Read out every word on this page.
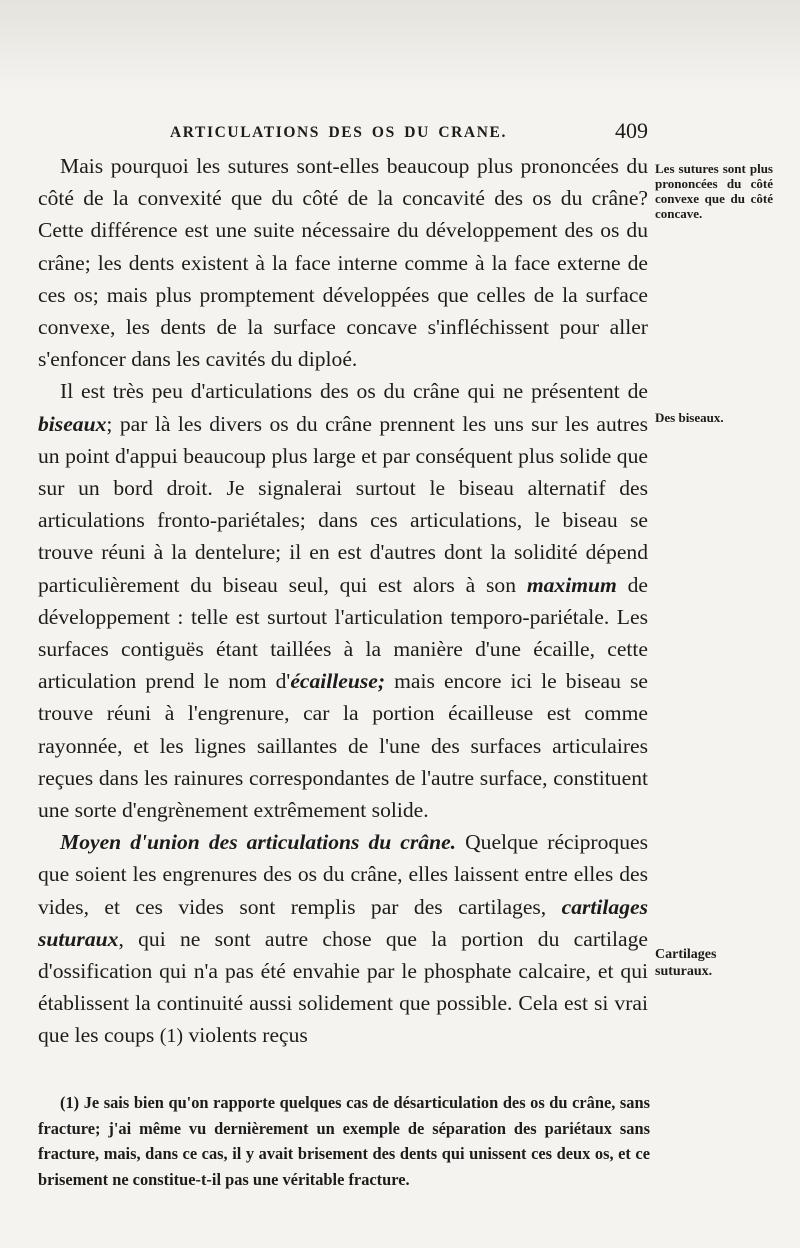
ARTICULATIONS DES OS DU CRANE.	409

Mais pourquoi les sutures sont-elles beaucoup plus prononcées du côté de la convexité que du côté de la concavité des os du crâne? Cette différence est une suite nécessaire du développement des os du crâne; les dents existent à la face interne comme à la face externe de ces os; mais plus promptement développées que celles de la surface convexe, les dents de la surface concave s'infléchissent pour aller s'enfoncer dans les cavités du diploé.

Il est très peu d'articulations des os du crâne qui ne présentent de biseaux; par là les divers os du crâne prennent les uns sur les autres un point d'appui beaucoup plus large et par conséquent plus solide que sur un bord droit. Je signalerai surtout le biseau alternatif des articulations fronto-pariétales; dans ces articulations, le biseau se trouve réuni à la dentelure; il en est d'autres dont la solidité dépend particulièrement du biseau seul, qui est alors à son maximum de développement : telle est surtout l'articulation temporo-pariétale. Les surfaces contiguës étant taillées à la manière d'une écaille, cette articulation prend le nom d'écailleuse; mais encore ici le biseau se trouve réuni à l'engrenure, car la portion écailleuse est comme rayonnée, et les lignes saillantes de l'une des surfaces articulaires reçues dans les rainures correspondantes de l'autre surface, constituent une sorte d'engrènement extrêmement solide.

Moyen d'union des articulations du crâne. Quelque réciproques que soient les engrenures des os du crâne, elles laissent entre elles des vides, et ces vides sont remplis par des cartilages, cartilages suturaux, qui ne sont autre chose que la portion du cartilage d'ossification qui n'a pas été envahie par le phosphate calcaire, et qui établissent la continuité aussi solidement que possible. Cela est si vrai que les coups (1) violents reçus

(1) Je sais bien qu'on rapporte quelques cas de désarticulation des os du crâne, sans fracture; j'ai même vu dernièrement un exemple de séparation des pariétaux sans fracture, mais, dans ce cas, il y avait brisement des dents qui unissent ces deux os, et ce brisement ne constitue-t-il pas une véritable fracture.

Les sutures sont plus prononcées du côté convexe que du côté concave.
Des biseaux.
Cartilages suturaux.
